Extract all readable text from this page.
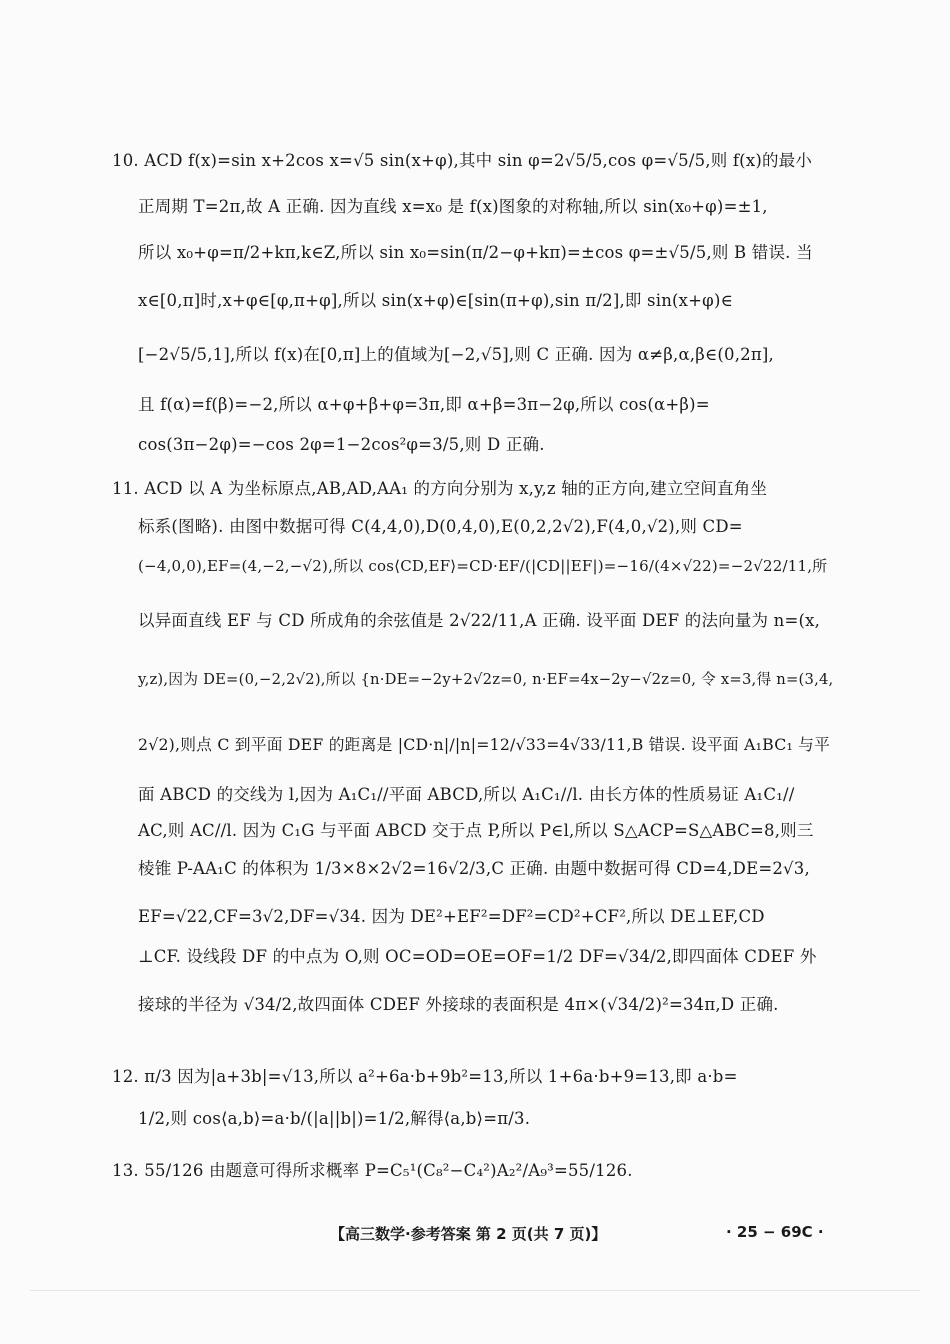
10. ACD f(x)=sin x+2cos x=√5 sin(x+φ),其中 sin φ=2√5/5,cos φ=√5/5,则 f(x)的最小
正周期 T=2π,故 A 正确. 因为直线 x=x₀ 是 f(x)图象的对称轴,所以 sin(x₀+φ)=±1,
所以 x₀+φ=π/2+kπ,k∈Z,所以 sin x₀=sin(π/2−φ+kπ)=±cos φ=±√5/5,则 B 错误. 当
x∈[0,π]时,x+φ∈[φ,π+φ],所以 sin(x+φ)∈[sin(π+φ),sin π/2],即 sin(x+φ)∈
[−2√5/5,1],所以 f(x)在[0,π]上的值域为[−2,√5],则 C 正确. 因为 α≠β,α,β∈(0,2π],
且 f(α)=f(β)=−2,所以 α+φ+β+φ=3π,即 α+β=3π−2φ,所以 cos(α+β)=
cos(3π−2φ)=−cos 2φ=1−2cos²φ=3/5,则 D 正确.
11. ACD 以 A 为坐标原点,AB,AD,AA₁ 的方向分别为 x,y,z 轴的正方向,建立空间直角坐
标系(图略). 由图中数据可得 C(4,4,0),D(0,4,0),E(0,2,2√2),F(4,0,√2),则 CD=
(−4,0,0),EF=(4,−2,−√2),所以 cos⟨CD,EF⟩=CD·EF/(|CD||EF|)=−16/(4×√22)=−2√22/11,所
以异面直线 EF 与 CD 所成角的余弦值是 2√22/11,A 正确. 设平面 DEF 的法向量为 n=(x,
y,z),因为 DE=(0,−2,2√2),所以 {n·DE=−2y+2√2z=0, n·EF=4x−2y−√2z=0, 令 x=3,得 n=(3,4,
2√2),则点 C 到平面 DEF 的距离是 |CD·n|/|n|=12/√33=4√33/11,B 错误. 设平面 A₁BC₁ 与平
面 ABCD 的交线为 l,因为 A₁C₁//平面 ABCD,所以 A₁C₁//l. 由长方体的性质易证 A₁C₁//
AC,则 AC//l. 因为 C₁G 与平面 ABCD 交于点 P,所以 P∈l,所以 S△ACP=S△ABC=8,则三
棱锥 P-AA₁C 的体积为 1/3×8×2√2=16√2/3,C 正确. 由题中数据可得 CD=4,DE=2√3,
EF=√22,CF=3√2,DF=√34. 因为 DE²+EF²=DF²=CD²+CF²,所以 DE⊥EF,CD
⊥CF. 设线段 DF 的中点为 O,则 OC=OD=OE=OF=1/2 DF=√34/2,即四面体 CDEF 外
接球的半径为 √34/2,故四面体 CDEF 外接球的表面积是 4π×(√34/2)²=34π,D 正确.
12. π/3 因为|a+3b|=√13,所以 a²+6a·b+9b²=13,所以 1+6a·b+9=13,即 a·b=
1/2,则 cos⟨a,b⟩=a·b/(|a||b|)=1/2,解得⟨a,b⟩=π/3.
13. 55/126 由题意可得所求概率 P=C₅¹(C₈²−C₄²)A₂²/A₉³=55/126.
【高三数学·参考答案 第 2 页(共 7 页)】	· 25 − 69C ·
